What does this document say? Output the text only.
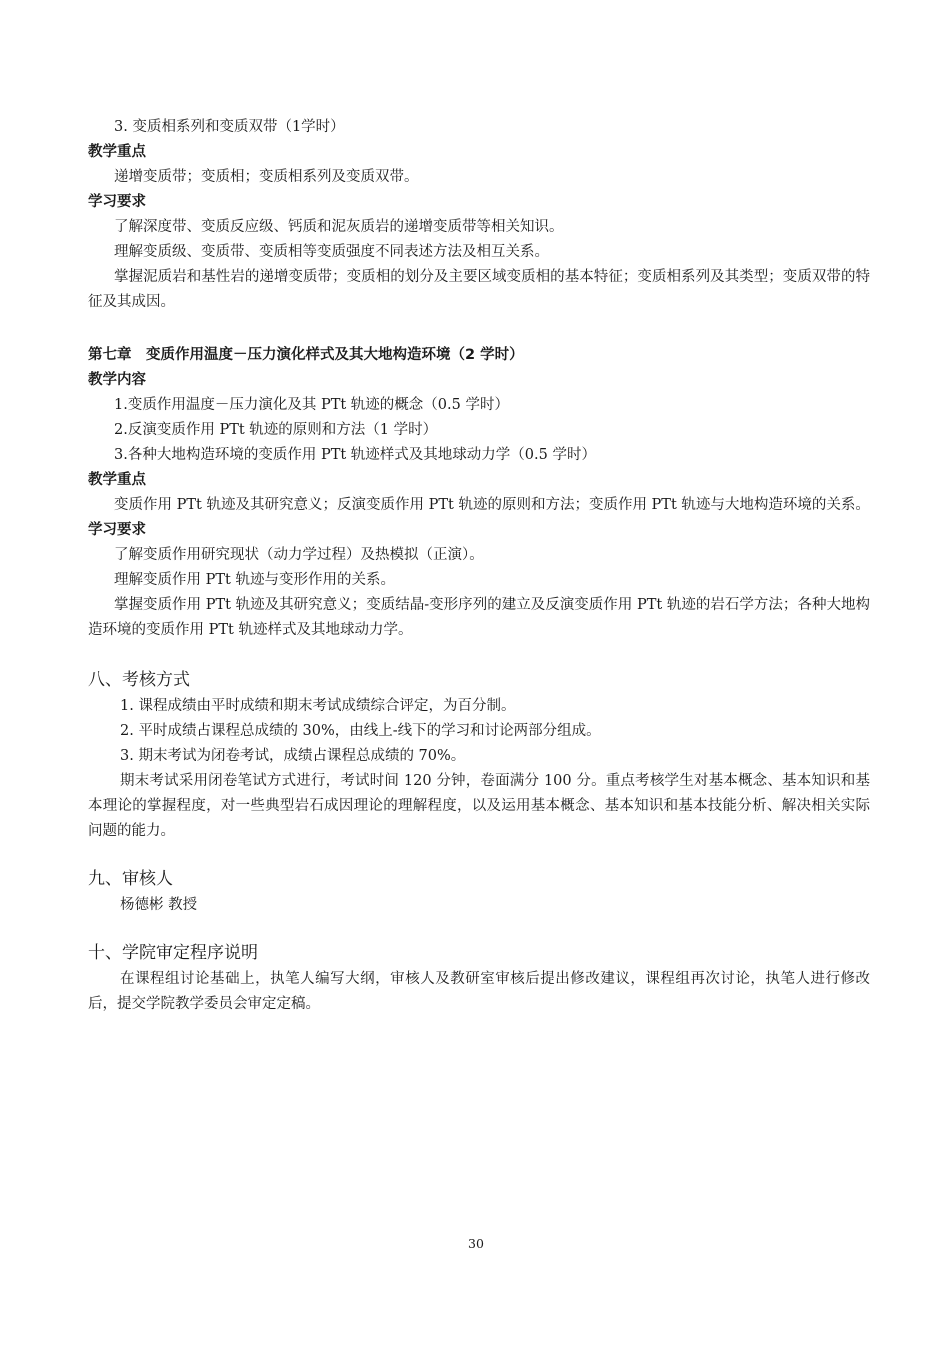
3. 变质相系列和变质双带（1学时）

教学重点

递增变质带；变质相；变质相系列及变质双带。

学习要求

了解深度带、变质反应级、钙质和泥灰质岩的递增变质带等相关知识。

理解变质级、变质带、变质相等变质强度不同表述方法及相互关系。

掌握泥质岩和基性岩的递增变质带；变质相的划分及主要区域变质相的基本特征；变质相系列及其类型；变质双带的特征及其成因。

第七章　变质作用温度－压力演化样式及其大地构造环境（2 学时）

教学内容

1.变质作用温度－压力演化及其 PTt 轨迹的概念（0.5 学时）

2.反演变质作用 PTt 轨迹的原则和方法（1 学时）

3.各种大地构造环境的变质作用 PTt 轨迹样式及其地球动力学（0.5 学时）

教学重点

变质作用 PTt 轨迹及其研究意义；反演变质作用 PTt 轨迹的原则和方法；变质作用 PTt 轨迹与大地构造环境的关系。

学习要求

了解变质作用研究现状（动力学过程）及热模拟（正演）。

理解变质作用 PTt 轨迹与变形作用的关系。

掌握变质作用 PTt 轨迹及其研究意义；变质结晶-变形序列的建立及反演变质作用 PTt 轨迹的岩石学方法；各种大地构造环境的变质作用 PTt 轨迹样式及其地球动力学。

八、考核方式

1. 课程成绩由平时成绩和期末考试成绩综合评定，为百分制。

2. 平时成绩占课程总成绩的 30%，由线上-线下的学习和讨论两部分组成。

3. 期末考试为闭卷考试，成绩占课程总成绩的 70%。

期末考试采用闭卷笔试方式进行，考试时间 120 分钟，卷面满分 100 分。重点考核学生对基本概念、基本知识和基本理论的掌握程度，对一些典型岩石成因理论的理解程度，以及运用基本概念、基本知识和基本技能分析、解决相关实际问题的能力。

九、审核人

杨德彬 教授

十、学院审定程序说明

在课程组讨论基础上，执笔人编写大纲，审核人及教研室审核后提出修改建议，课程组再次讨论，执笔人进行修改后，提交学院教学委员会审定定稿。

30
